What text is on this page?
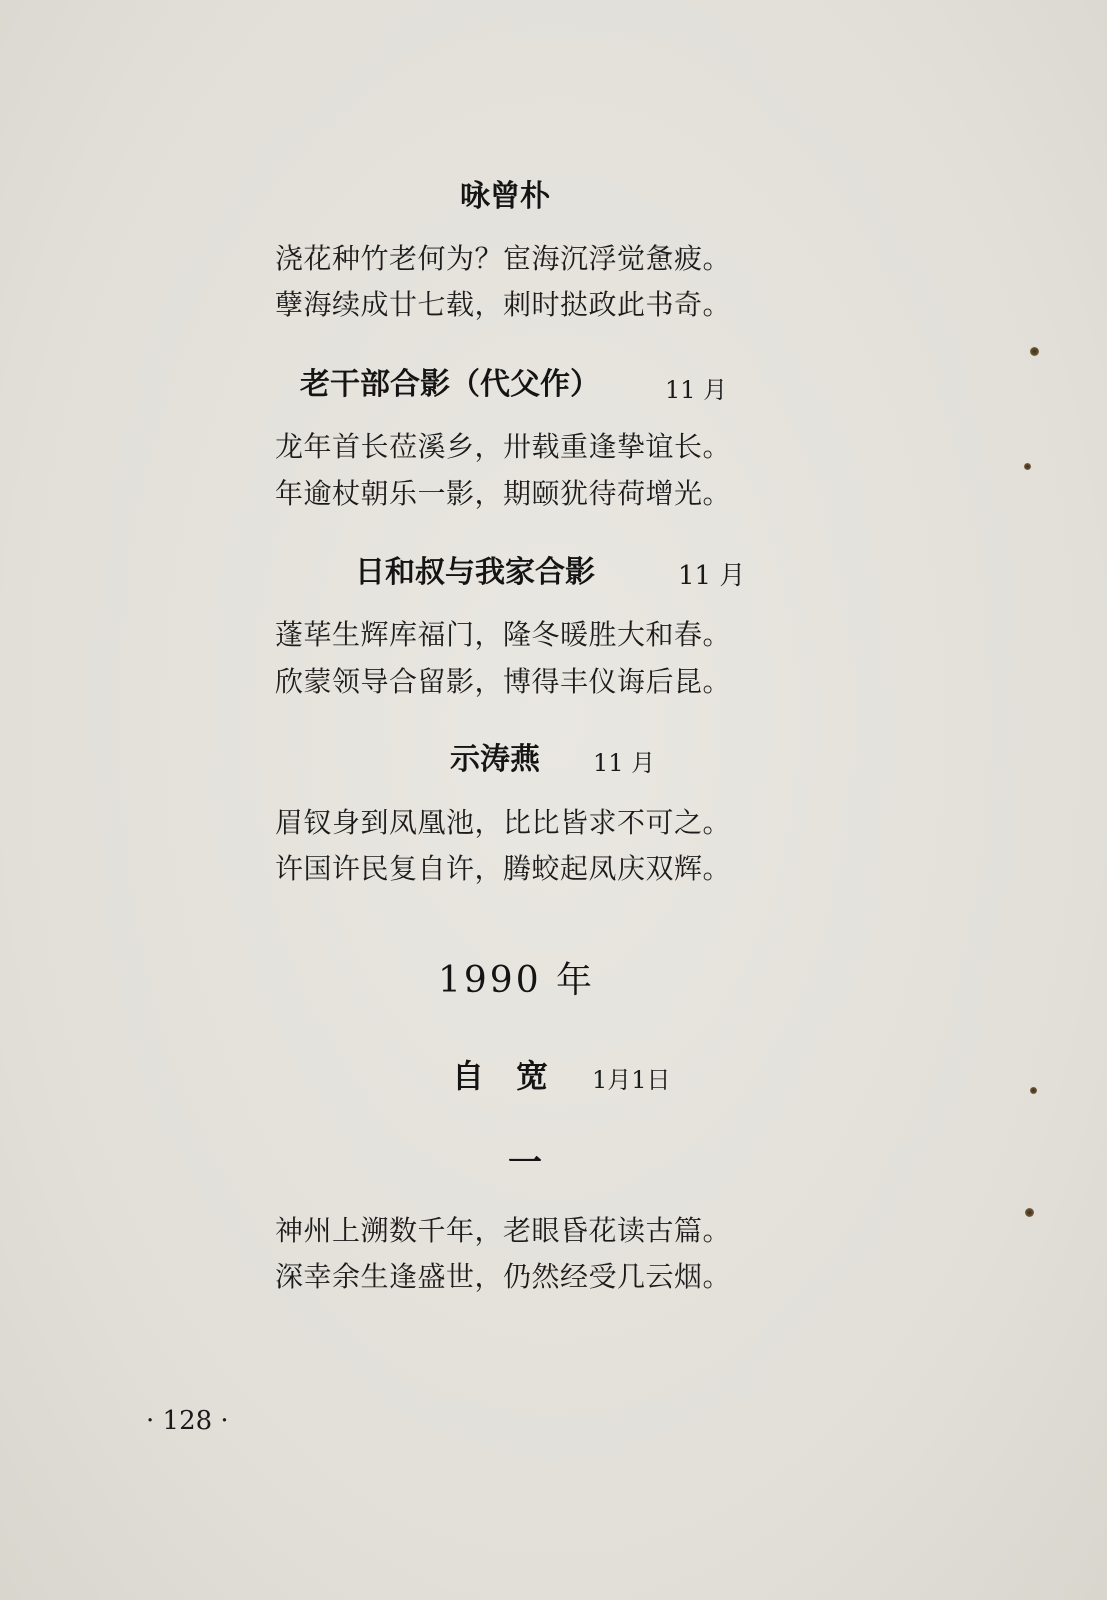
咏曾朴
浇花种竹老何为？宦海沉浮觉惫疲。
孽海续成廿七载，刺时挞政此书奇。
老干部合影（代父作）	11 月
龙年首长莅溪乡，卅载重逢挚谊长。
年逾杖朝乐一影，期颐犹待荷增光。
日和叔与我家合影	11 月
蓬荜生辉库福门，隆冬暖胜大和春。
欣蒙领导合留影，博得丰仪诲后昆。
示涛燕 11 月
眉钗身到凤凰池，比比皆求不可之。
许国许民复自许，腾蛟起凤庆双辉。
1990 年
自　宽 1月1日
一
神州上溯数千年，老眼昏花读古篇。
深幸余生逢盛世，仍然经受几云烟。
· 128 ·
